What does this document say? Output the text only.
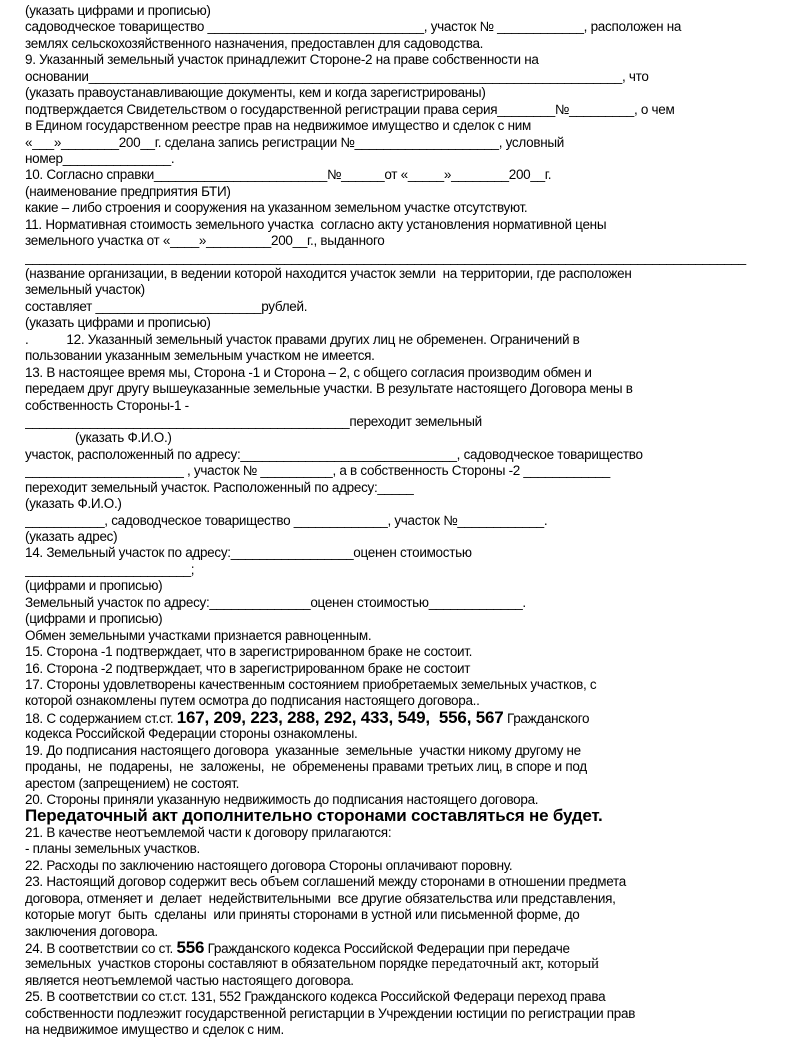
(указать цифрами и прописью)
садоводческое товарищество ______________________________, участок № ____________, расположен на
землях сельскохозяйственного назначения, предоставлен для садоводства.
9. Указанный земельный участок принадлежит Стороне-2 на праве собственности на
основании__________________________________________________________________________, что
(указать правоустанавливающие документы, кем и когда зарегистрированы)
подтверждается Свидетельством о государственной регистрации права серия________№_________, о чем
в Едином государственном реестре прав на недвижимое имущество и сделок с ним
«___»________200__г. сделана запись регистрации №____________________, условный
номер_______________.
10. Согласно справки________________________№______от «_____»________200__г.
(наименование предприятия БТИ)
какие – либо строения и сооружения на указанном земельном участке отсутствуют.
11. Нормативная стоимость земельного участка  согласно акту установления нормативной цены
земельного участка от «____»_________200__г., выданного
____________________________________________________________________________________________________
(название организации, в ведении которой находится участок земли  на территории, где расположен
земельный участок)
составляет _______________________рублей.
(указать цифрами и прописью)
.           12. Указанный земельный участок правами других лиц не обременен. Ограничений в
пользовании указанным земельным участком не имеется.
13. В настоящее время мы, Сторона -1 и Сторона – 2, с общего согласия производим обмен и
передаем друг другу вышеуказанные земельные участки. В результате настоящего Договора мены в
собственность Стороны-1 -
_____________________________________________переходит земельный
(указать Ф.И.О.)
участок, расположенный по адресу:______________________________, садоводческое товарищество
______________________ , участок № __________, а в собственность Стороны -2 ____________
переходит земельный участок. Расположенный по адресу:_____
(указать Ф.И.О.)
___________, садоводческое товарищество _____________, участок №____________.
(указать адрес)
14. Земельный участок по адресу:_________________оценен стоимостью
_______________________;
(цифрами и прописью)
Земельный участок по адресу:______________оценен стоимостью_____________.
(цифрами и прописью)
Обмен земельными участками признается равноценным.
15. Сторона -1 подтверждает, что в зарегистрированном браке не состоит.
16. Сторона -2 подтверждает, что в зарегистрированном браке не состоит
17. Стороны удовлетворены качественным состоянием приобретаемых земельных участков, с
которой ознакомлены путем осмотра до подписания настоящего договора..
18. С содержанием ст.ст. 167, 209, 223, 288, 292, 433, 549,  556, 567 Гражданского
кодекса Российской Федерации стороны ознакомлены.
19. До подписания настоящего договора  указанные  земельные  участки никому другому не
проданы,  не  подарены,  не  заложены,  не  обременены правами третьих лиц, в споре и под
арестом (запрещением) не состоят.
20. Стороны приняли указанную недвижимость до подписания настоящего договора.
Передаточный акт дополнительно сторонами составляться не будет.
21. В качестве неотъемлемой части к договору прилагаются:
- планы земельных участков.
22. Расходы по заключению настоящего договора Стороны оплачивают поровну.
23. Настоящий договор содержит весь объем соглашений между сторонами в отношении предмета
договора, отменяет и  делает  недействительными  все другие обязательства или представления,
которые могут  быть  сделаны  или приняты сторонами в устной или письменной форме, до
заключения договора.
24. В соответствии со ст. 556 Гражданского кодекса Российской Федерации при передаче
земельных  участков стороны составляют в обязательном порядке передаточный акт, который
является неотъемлемой частью настоящего договора.
25. В соответствии со ст.ст. 131, 552 Гражданского кодекса Российской Федераци переход права
собственности подлеэжит государственной регистарции в Учреждении юстиции по регистрации прав
на недвижимое имущество и сделок с ним.
